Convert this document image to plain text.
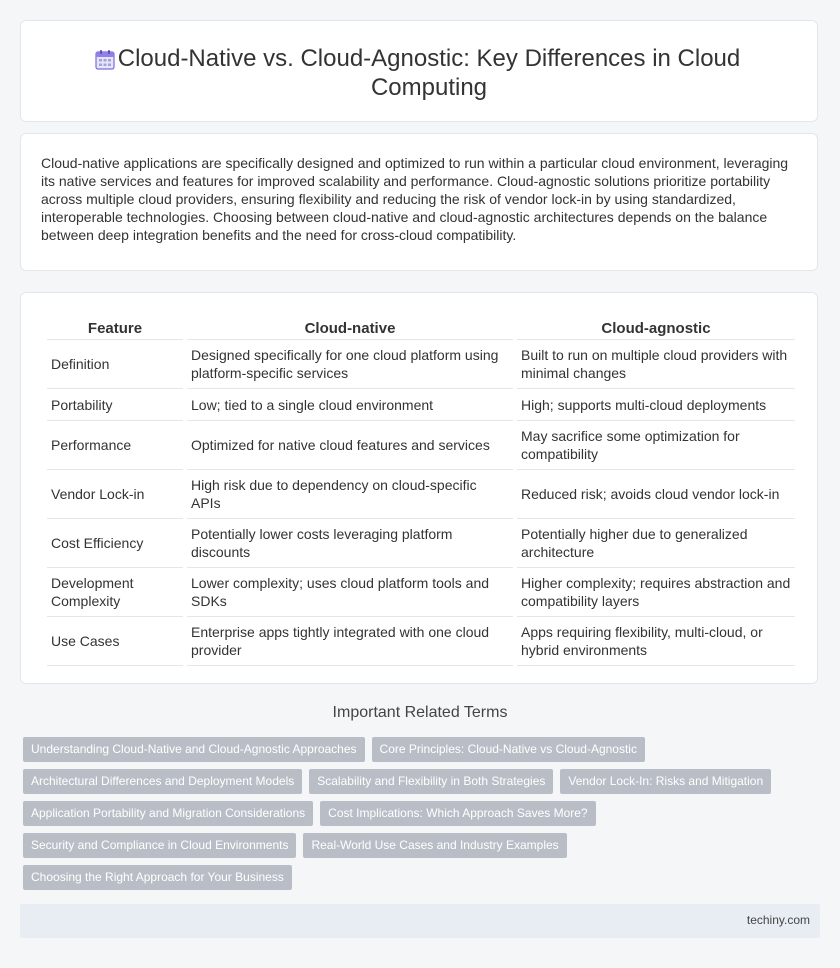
Cloud-Native vs. Cloud-Agnostic: Key Differences in Cloud Computing
Cloud-native applications are specifically designed and optimized to run within a particular cloud environment, leveraging its native services and features for improved scalability and performance. Cloud-agnostic solutions prioritize portability across multiple cloud providers, ensuring flexibility and reducing the risk of vendor lock-in by using standardized, interoperable technologies. Choosing between cloud-native and cloud-agnostic architectures depends on the balance between deep integration benefits and the need for cross-cloud compatibility.
Feature	Cloud-native	Cloud-agnostic
Definition	Designed specifically for one cloud platform using platform-specific services	Built to run on multiple cloud providers with minimal changes
Portability	Low; tied to a single cloud environment	High; supports multi-cloud deployments
Performance	Optimized for native cloud features and services	May sacrifice some optimization for compatibility
Vendor Lock-in	High risk due to dependency on cloud-specific APIs	Reduced risk; avoids cloud vendor lock-in
Cost Efficiency	Potentially lower costs leveraging platform discounts	Potentially higher due to generalized architecture
Development Complexity	Lower complexity; uses cloud platform tools and SDKs	Higher complexity; requires abstraction and compatibility layers
Use Cases	Enterprise apps tightly integrated with one cloud provider	Apps requiring flexibility, multi-cloud, or hybrid environments
Important Related Terms
Understanding Cloud-Native and Cloud-Agnostic Approaches	Core Principles: Cloud-Native vs Cloud-Agnostic
Architectural Differences and Deployment Models	Scalability and Flexibility in Both Strategies	Vendor Lock-In: Risks and Mitigation
Application Portability and Migration Considerations	Cost Implications: Which Approach Saves More?
Security and Compliance in Cloud Environments	Real-World Use Cases and Industry Examples
Choosing the Right Approach for Your Business
techiny.com
